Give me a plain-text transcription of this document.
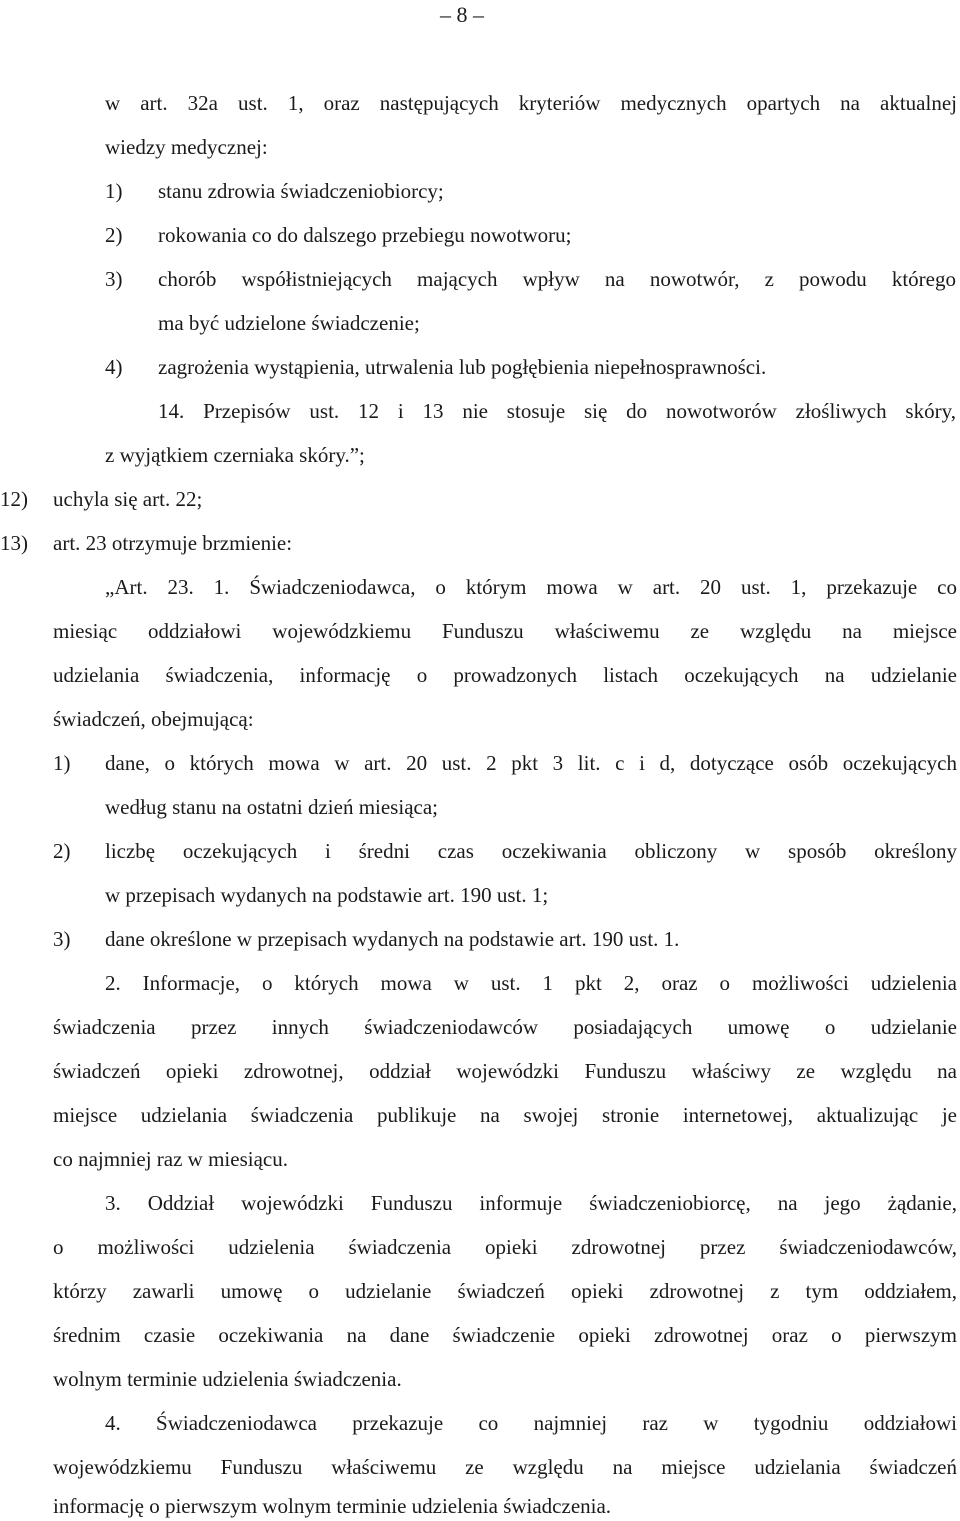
– 8 –
w art. 32a ust. 1, oraz następujących kryteriów medycznych opartych na aktualnej
wiedzy medycznej:
1) stanu zdrowia świadczeniobiorcy;
2) rokowania co do dalszego przebiegu nowotworu;
3) chorób współistniejących mających wpływ na nowotwór, z powodu którego
ma być udzielone świadczenie;
4) zagrożenia wystąpienia, utrwalenia lub pogłębienia niepełnosprawności.
14. Przepisów ust. 12 i 13 nie stosuje się do nowotworów złośliwych skóry,
z wyjątkiem czerniaka skóry.”;
12) uchyla się art. 22;
13) art. 23 otrzymuje brzmienie:
„Art. 23. 1. Świadczeniodawca, o którym mowa w art. 20 ust. 1, przekazuje co
miesiąc oddziałowi wojewódzkiemu Funduszu właściwemu ze względu na miejsce
udzielania świadczenia, informację o prowadzonych listach oczekujących na udzielanie
świadczeń, obejmującą:
1) dane, o których mowa w art. 20 ust. 2 pkt 3 lit. c i d, dotyczące osób oczekujących
według stanu na ostatni dzień miesiąca;
2) liczbę oczekujących i średni czas oczekiwania obliczony w sposób określony
w przepisach wydanych na podstawie art. 190 ust. 1;
3) dane określone w przepisach wydanych na podstawie art. 190 ust. 1.
2. Informacje, o których mowa w ust. 1 pkt 2, oraz o możliwości udzielenia
świadczenia przez innych świadczeniodawców posiadających umowę o udzielanie
świadczeń opieki zdrowotnej, oddział wojewódzki Funduszu właściwy ze względu na
miejsce udzielania świadczenia publikuje na swojej stronie internetowej, aktualizując je
co najmniej raz w miesiącu.
3. Oddział wojewódzki Funduszu informuje świadczeniobiorcę, na jego żądanie,
o możliwości udzielenia świadczenia opieki zdrowotnej przez świadczeniodawców,
którzy zawarli umowę o udzielanie świadczeń opieki zdrowotnej z tym oddziałem,
średnim czasie oczekiwania na dane świadczenie opieki zdrowotnej oraz o pierwszym
wolnym terminie udzielenia świadczenia.
4. Świadczeniodawca przekazuje co najmniej raz w tygodniu oddziałowi
wojewódzkiemu Funduszu właściwemu ze względu na miejsce udzielania świadczeń
informację o pierwszym wolnym terminie udzielenia świadczenia.
